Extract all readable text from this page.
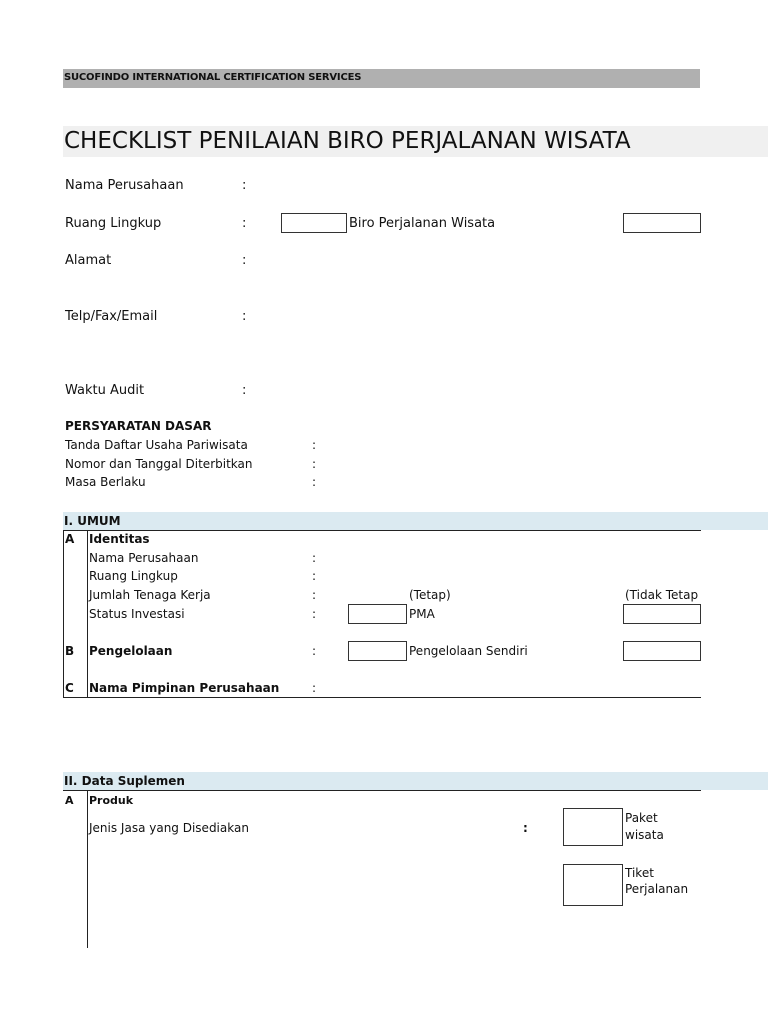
SUCOFINDO INTERNATIONAL CERTIFICATION SERVICES
CHECKLIST PENILAIAN BIRO PERJALANAN WISATA
Nama Perusahaan	:
Ruang Lingkup	:	Biro Perjalanan Wisata
Alamat	:
Telp/Fax/Email	:
Waktu Audit	:
PERSYARATAN DASAR
Tanda Daftar Usaha Pariwisata	:
Nomor dan Tanggal Diterbitkan	:
Masa Berlaku	:
I. UMUM
A Identitas
Nama Perusahaan	:
Ruang Lingkup	:
Jumlah Tenaga Kerja	:	(Tetap)	(Tidak Tetap
Status Investasi	:	PMA
B Pengelolaan	:	Pengelolaan Sendiri
C Nama Pimpinan Perusahaan	:
II. Data Suplemen
A Produk
Jenis Jasa yang Disediakan	:
Paket
wisata
Tiket
Perjalanan
